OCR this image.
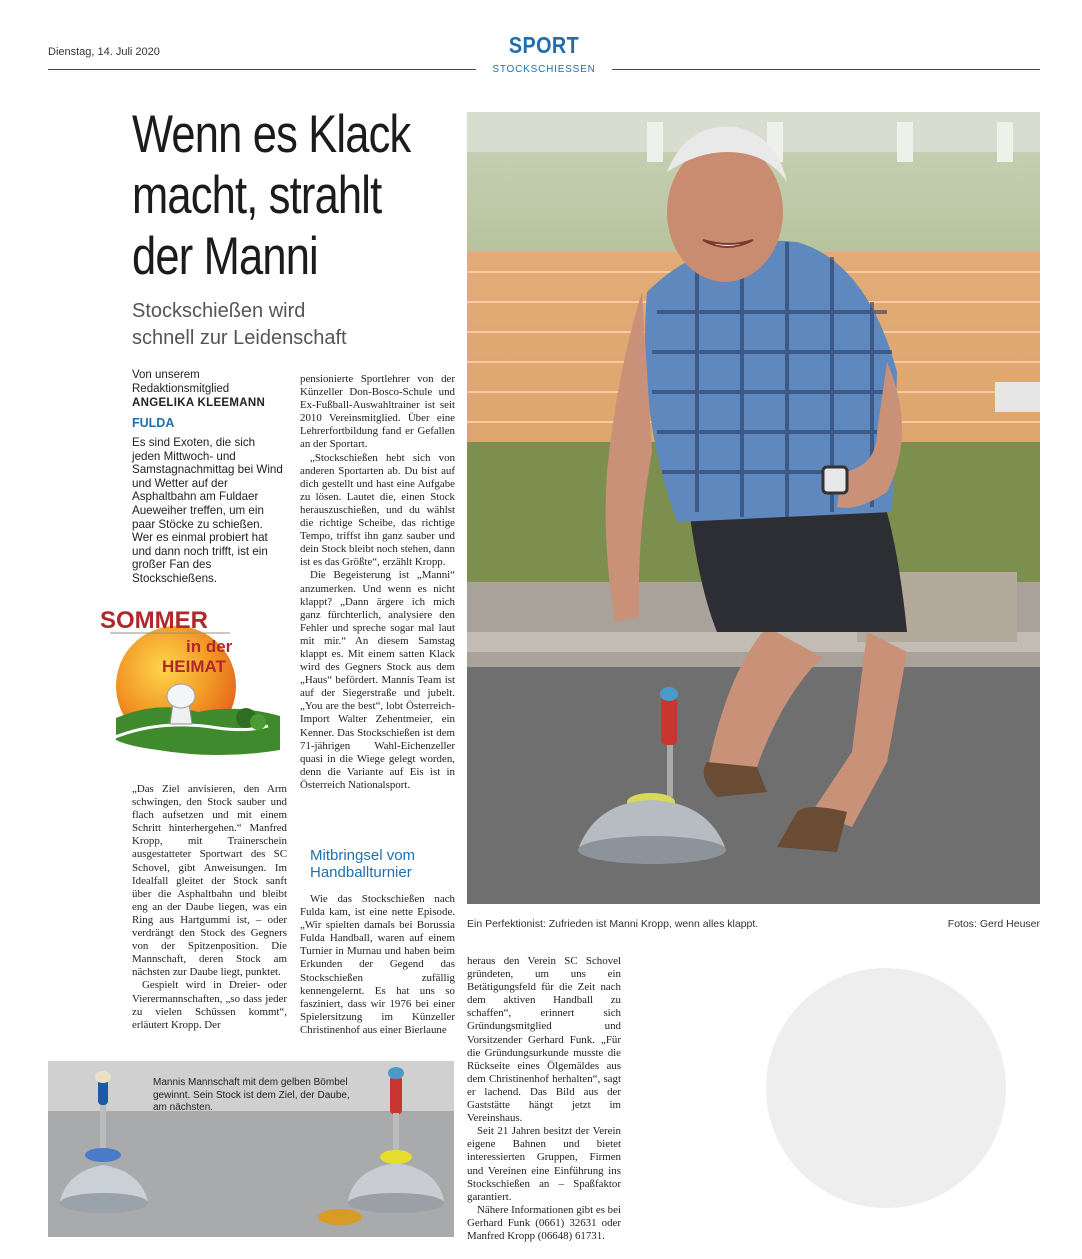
Dienstag, 14. Juli 2020	SPORT
STOCKSCHIESSEN
Wenn es Klack
macht, strahlt
der Manni
Stockschießen wird
schnell zur Leidenschaft
Von unserem
Redaktionsmitglied
ANGELIKA KLEEMANN
FULDA
Es sind Exoten, die sich jeden Mittwoch- und Samstagnachmittag bei Wind und Wetter auf der Asphaltbahn am Fuldaer Aueweiher treffen, um ein paar Stöcke zu schießen. Wer es einmal probiert hat und dann noch trifft, ist ein großer Fan des Stockschießens.
SOMMER
in der
HEIMAT

„Das Ziel anvisieren, den Arm schwingen, den Stock sauber und flach aufsetzen und mit einem Schritt hinterhergehen.“ Manfred Kropp, mit Trainerschein ausgestatteter Sportwart des SC Schovel, gibt Anweisungen. Im Idealfall gleitet der Stock sanft über die Asphaltbahn und bleibt eng an der Daube liegen, was ein Ring aus Hartgummi ist, – oder verdrängt den Stock des Gegners von der Spitzenposition. Die Mannschaft, deren Stock am nächsten zur Daube liegt, punktet.

Gespielt wird in Dreier- oder Vierermannschaften, „so dass jeder zu vielen Schüssen kommt“, erläutert Kropp. Der

pensionierte Sportlehrer von der Künzeller Don-Bosco-Schule und Ex-Fußball-Auswahltrainer ist seit 2010 Vereinsmitglied. Über eine Lehrerfortbildung fand er Gefallen an der Sportart.

„Stockschießen hebt sich von anderen Sportarten ab. Du bist auf dich gestellt und hast eine Aufgabe zu lösen. Lautet die, einen Stock herauszuschießen, und du wählst die richtige Scheibe, das richtige Tempo, triffst ihn ganz sauber und dein Stock bleibt noch stehen, dann ist es das Größte“, erzählt Kropp.

Die Begeisterung ist „Manni“ anzumerken. Und wenn es nicht klappt? „Dann ärgere ich mich ganz fürchterlich, analysiere den Fehler und spreche sogar mal laut mit mir.“ An diesem Samstag klappt es. Mit einem satten Klack wird des Gegners Stock aus dem „Haus“ befördert. Mannis Team ist auf der Siegerstraße und jubelt. „You are the best“, lobt Österreich-Import Walter Zehentmeier, ein Kenner. Das Stockschießen ist dem 71-jährigen Wahl-Eichenzeller quasi in die Wiege gelegt worden, denn die Variante auf Eis ist in Österreich Nationalsport.

Mitbringsel vom
Handballturnier

Wie das Stockschießen nach Fulda kam, ist eine nette Episode. „Wir spielten damals bei Borussia Fulda Handball, waren auf einem Turnier in Murnau und haben beim Erkunden der Gegend das Stockschießen zufällig kennengelernt. Es hat uns so fasziniert, dass wir 1976 bei einer Spielersitzung im Künzeller Christinenhof aus einer Bierlaune

heraus den Verein SC Schovel gründeten, um uns ein Betätigungsfeld für die Zeit nach dem aktiven Handball zu schaffen“, erinnert sich Gründungsmitglied und Vorsitzender Gerhard Funk. „Für die Gründungsurkunde musste die Rückseite eines Ölgemäldes aus dem Christinenhof herhalten“, sagt er lachend. Das Bild aus der Gaststätte hängt jetzt im Vereinshaus.

Seit 21 Jahren besitzt der Verein eigene Bahnen und bietet interessierten Gruppen, Firmen und Vereinen eine Einführung ins Stockschießen an – Spaßfaktor garantiert.

Nähere Informationen gibt es bei Gerhard Funk (0661) 32631 oder Manfred Kropp (06648) 61731.

Ein Perfektionist: Zufrieden ist Manni Kropp, wenn alles klappt.	Fotos: Gerd Heuser
Mannis Mannschaft mit dem gelben Bömbel gewinnt. Sein Stock ist dem Ziel, der Daube, am nächsten.
